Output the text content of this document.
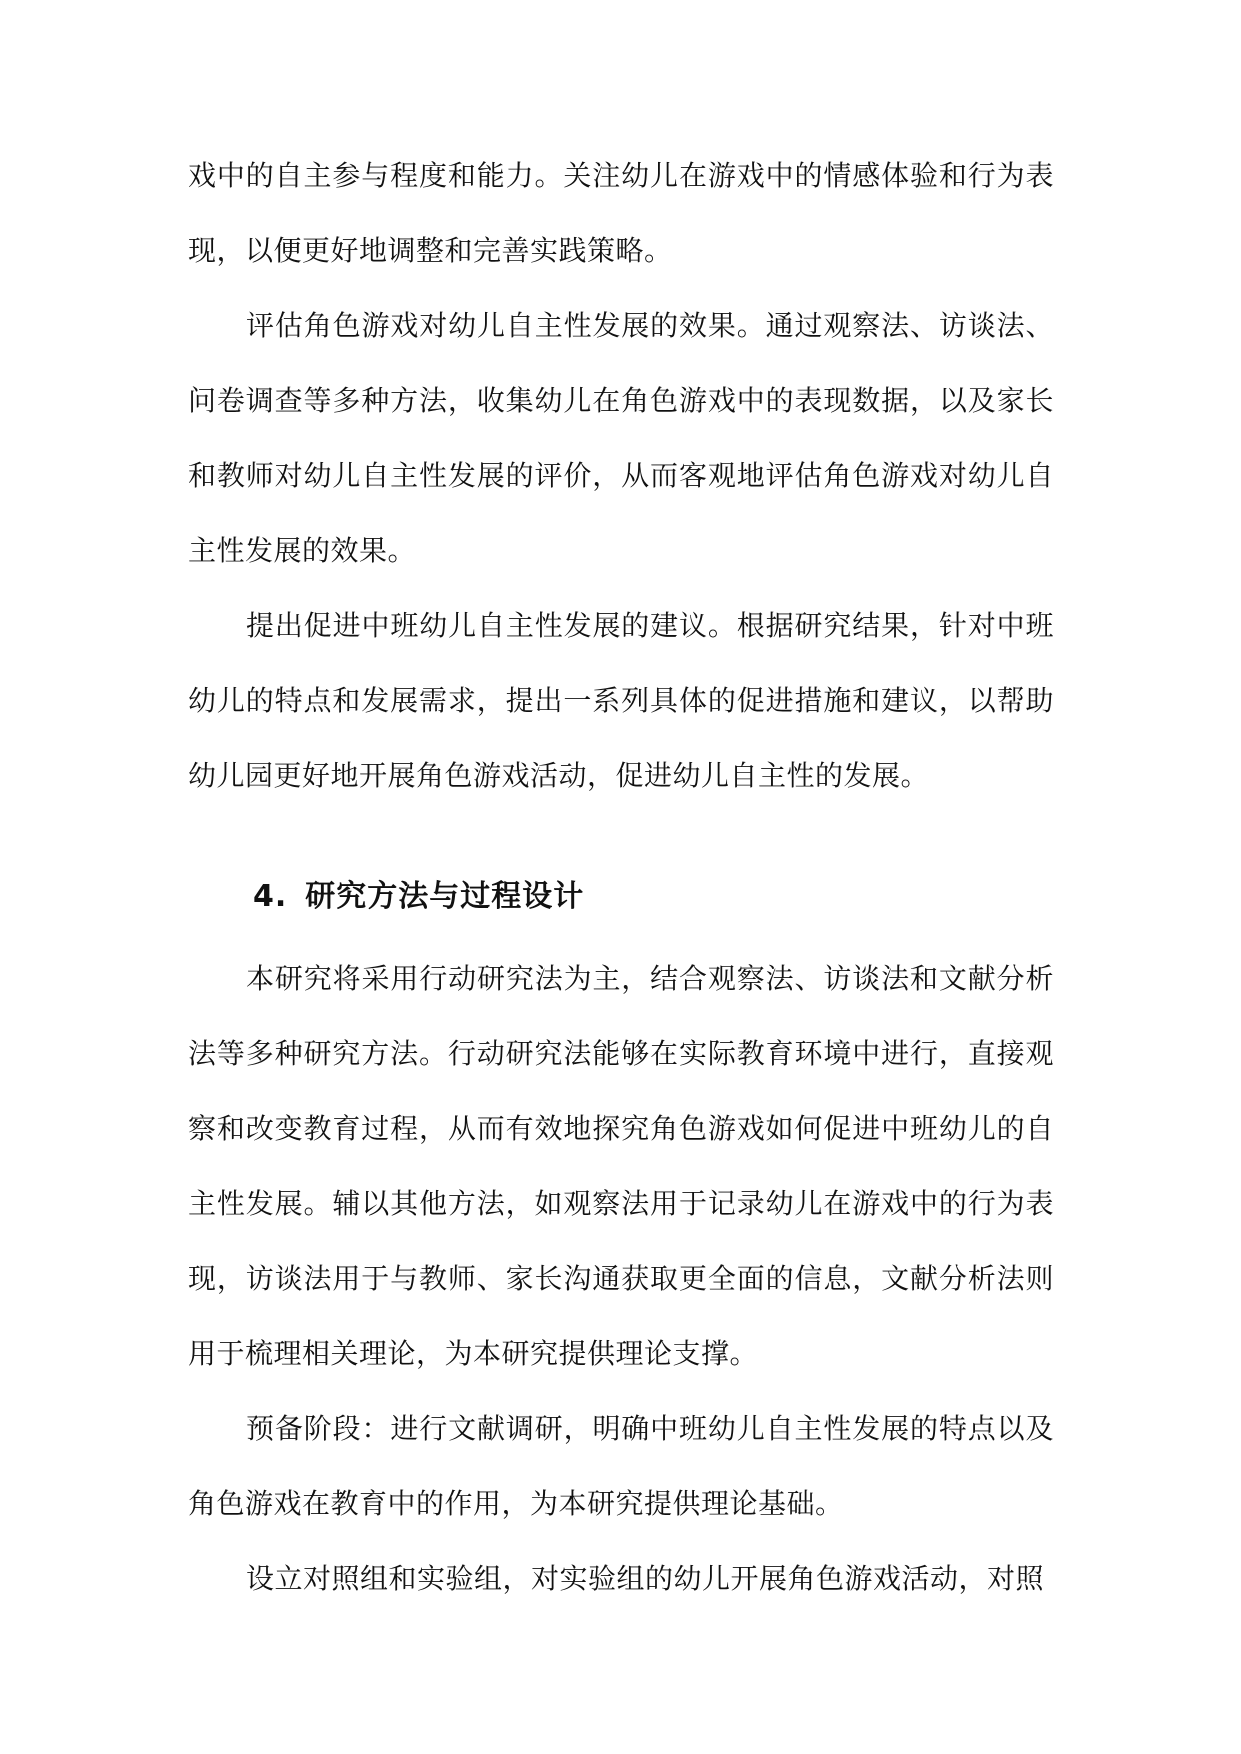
戏中的自主参与程度和能力。关注幼儿在游戏中的情感体验和行为表现，以便更好地调整和完善实践策略。

评估角色游戏对幼儿自主性发展的效果。通过观察法、访谈法、问卷调查等多种方法，收集幼儿在角色游戏中的表现数据，以及家长和教师对幼儿自主性发展的评价，从而客观地评估角色游戏对幼儿自主性发展的效果。

提出促进中班幼儿自主性发展的建议。根据研究结果，针对中班幼儿的特点和发展需求，提出一系列具体的促进措施和建议，以帮助幼儿园更好地开展角色游戏活动，促进幼儿自主性的发展。

4. 研究方法与过程设计

本研究将采用行动研究法为主，结合观察法、访谈法和文献分析法等多种研究方法。行动研究法能够在实际教育环境中进行，直接观察和改变教育过程，从而有效地探究角色游戏如何促进中班幼儿的自主性发展。辅以其他方法，如观察法用于记录幼儿在游戏中的行为表现，访谈法用于与教师、家长沟通获取更全面的信息，文献分析法则用于梳理相关理论，为本研究提供理论支撑。

预备阶段：进行文献调研，明确中班幼儿自主性发展的特点以及角色游戏在教育中的作用，为本研究提供理论基础。

设立对照组和实验组，对实验组的幼儿开展角色游戏活动，对照
